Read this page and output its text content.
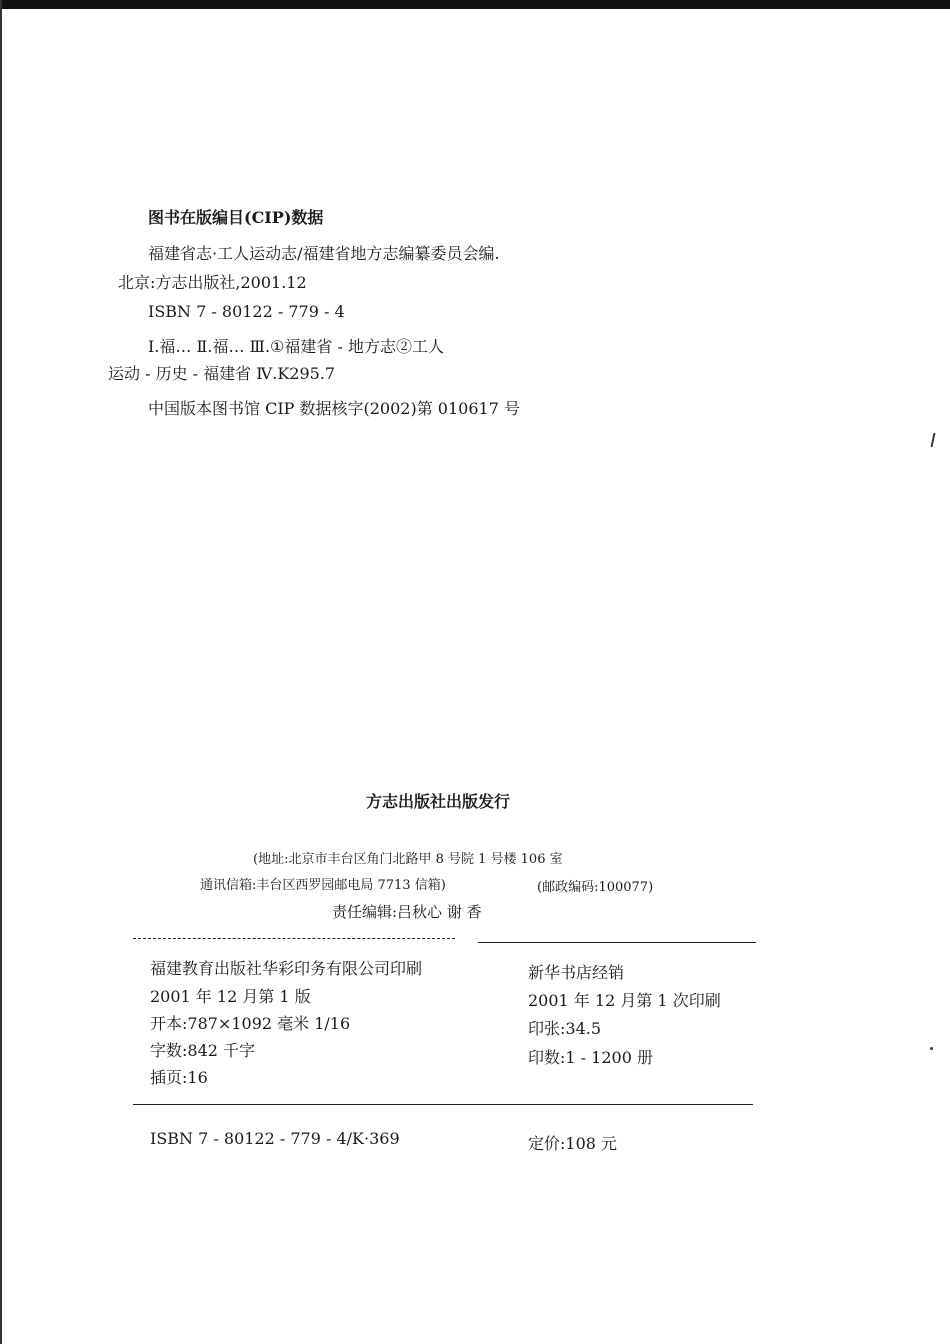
图书在版编目(CIP)数据
福建省志·工人运动志/福建省地方志编纂委员会编.
北京:方志出版社,2001.12
ISBN 7 - 80122 - 779 - 4
Ⅰ.福… Ⅱ.福… Ⅲ.①福建省 - 地方志②工人
运动 - 历史 - 福建省 Ⅳ.K295.7
中国版本图书馆 CIP 数据核字(2002)第 010617 号
方志出版社出版发行
(地址:北京市丰台区角门北路甲 8 号院 1 号楼 106 室
通讯信箱:丰台区西罗园邮电局 7713 信箱)	(邮政编码:100077)
责任编辑:吕秋心 谢 香
福建教育出版社华彩印务有限公司印刷
2001 年 12 月第 1 版
开本:787×1092 毫米 1/16
字数:842 千字
插页:16
新华书店经销
2001 年 12 月第 1 次印刷
印张:34.5
印数:1 - 1200 册
ISBN 7 - 80122 - 779 - 4/K·369	定价:108 元
